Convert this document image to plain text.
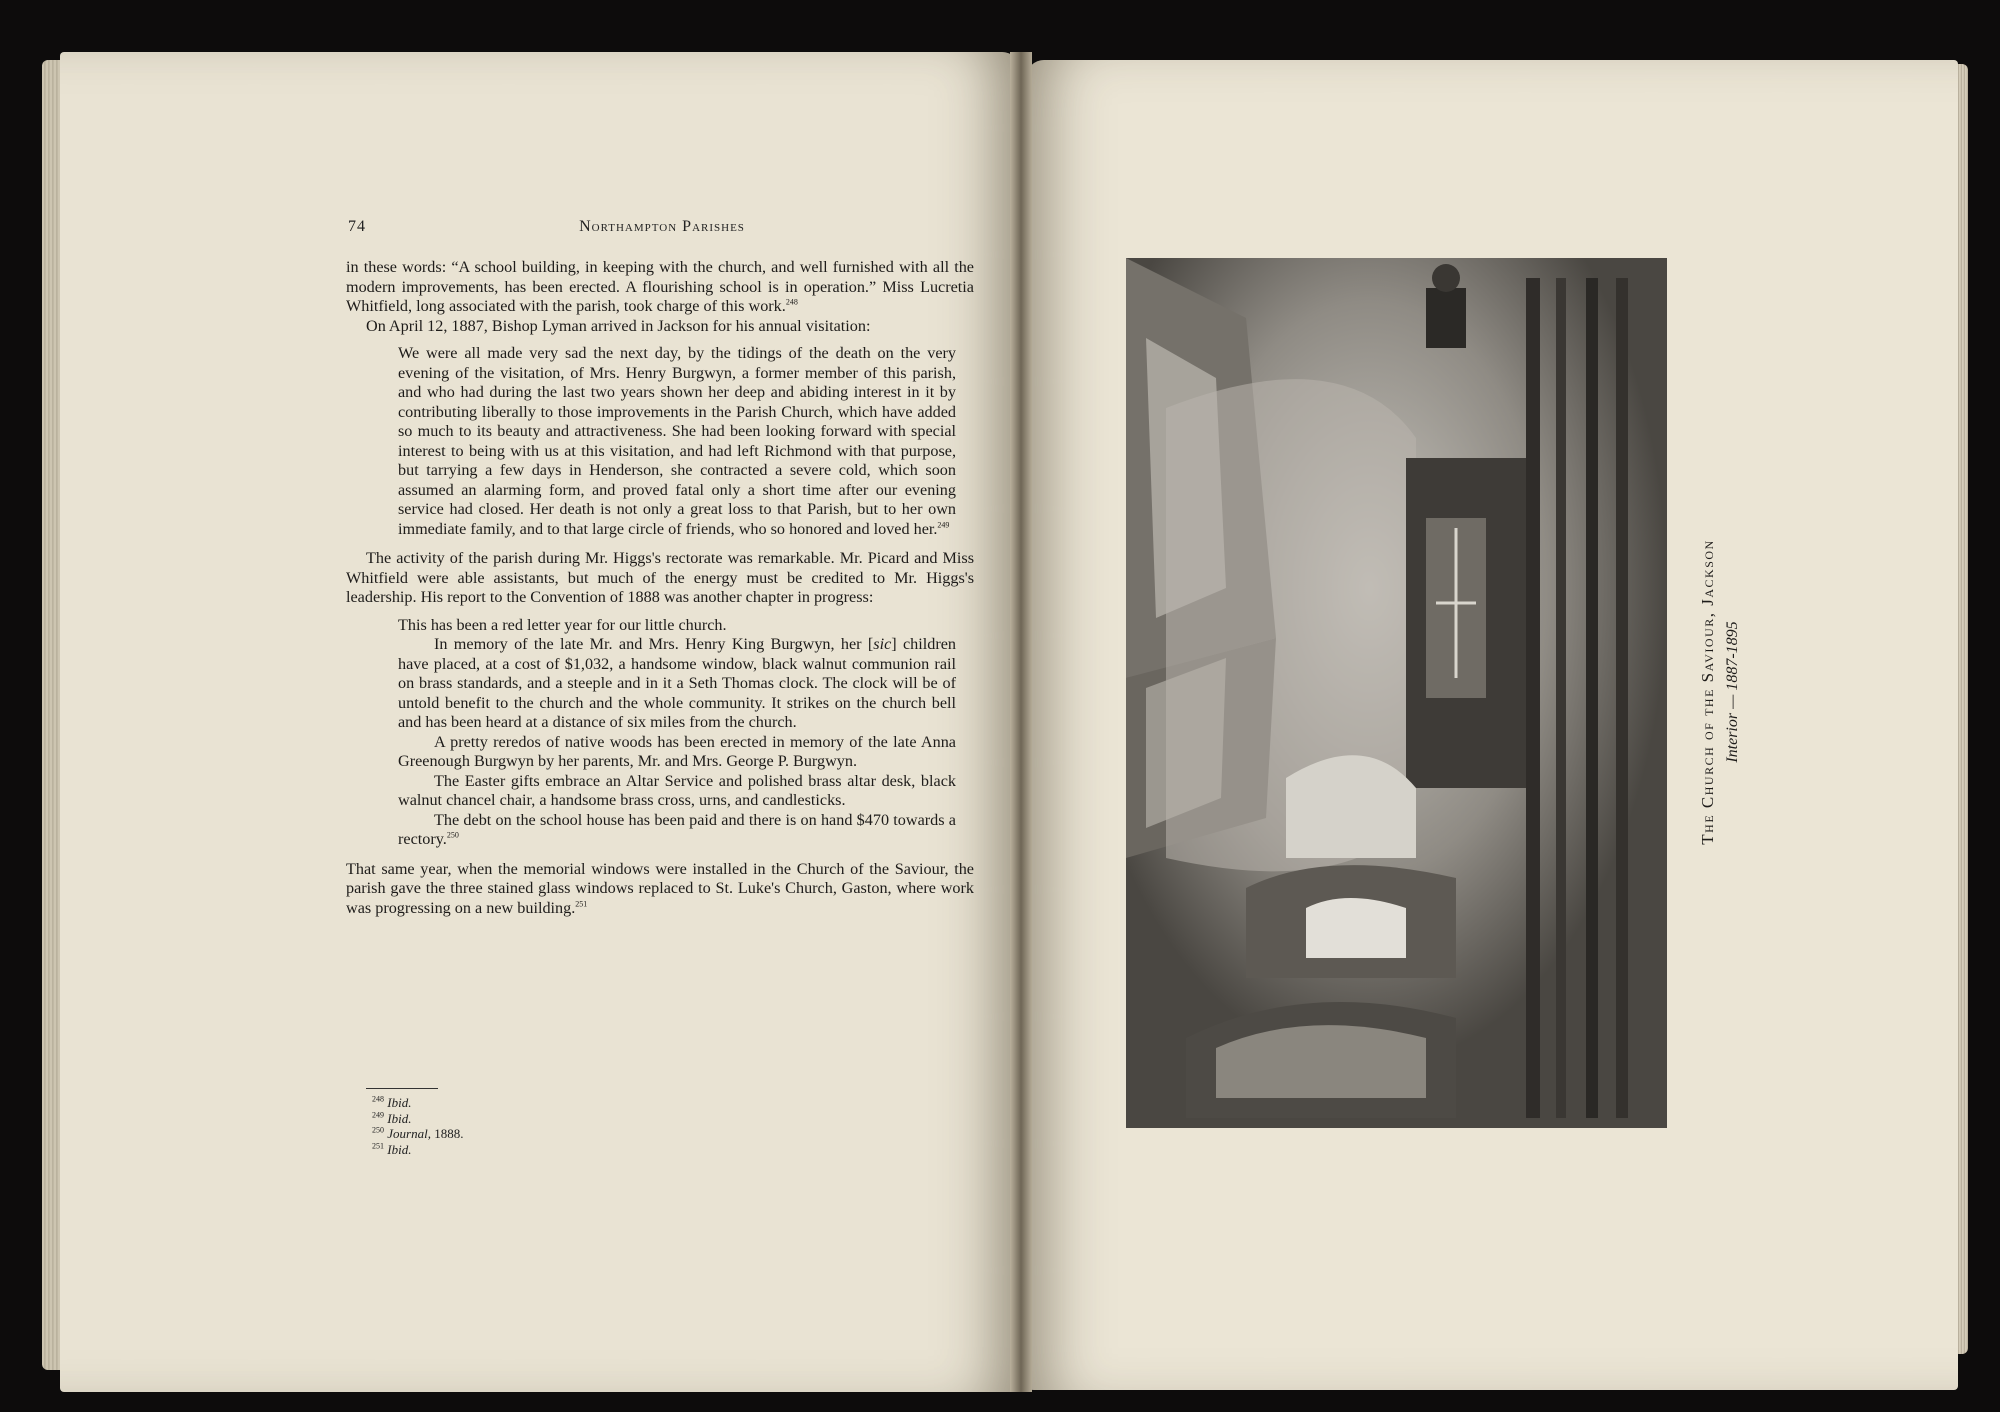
74	Northampton Parishes

in these words: “A school building, in keeping with the church, and well furnished with all the modern improvements, has been erected. A flourishing school is in operation.” Miss Lucretia Whitfield, long associated with the parish, took charge of this work.$^{248}$

On April 12, 1887, Bishop Lyman arrived in Jackson for his annual visitation:

We were all made very sad the next day, by the tidings of the death on the very evening of the visitation, of Mrs. Henry Burgwyn, a former member of this parish, and who had during the last two years shown her deep and abiding interest in it by contributing liberally to those improvements in the Parish Church, which have added so much to its beauty and attractiveness. She had been looking forward with special interest to being with us at this visitation, and had left Richmond with that purpose, but tarrying a few days in Henderson, she contracted a severe cold, which soon assumed an alarming form, and proved fatal only a short time after our evening service had closed. Her death is not only a great loss to that Parish, but to her own immediate family, and to that large circle of friends, who so honored and loved her.$^{249}$

The activity of the parish during Mr. Higgs's rectorate was remarkable. Mr. Picard and Miss Whitfield were able assistants, but much of the energy must be credited to Mr. Higgs's leadership. His report to the Convention of 1888 was another chapter in progress:

This has been a red letter year for our little church.

In memory of the late Mr. and Mrs. Henry King Burgwyn, her [sic] children have placed, at a cost of $1,032, a handsome window, black walnut communion rail on brass standards, and a steeple and in it a Seth Thomas clock. The clock will be of untold benefit to the church and the whole community. It strikes on the church bell and has been heard at a distance of six miles from the church.

A pretty reredos of native woods has been erected in memory of the late Anna Greenough Burgwyn by her parents, Mr. and Mrs. George P. Burgwyn.

The Easter gifts embrace an Altar Service and polished brass altar desk, black walnut chancel chair, a handsome brass cross, urns, and candlesticks.

The debt on the school house has been paid and there is on hand $470 towards a rectory.$^{250}$

That same year, when the memorial windows were installed in the Church of the Saviour, the parish gave the three stained glass windows replaced to St. Luke's Church, Gaston, where work was progressing on a new building.$^{251}$

$^{248}$ Ibid.
$^{249}$ Ibid.
$^{250}$ Journal, 1888.
$^{251}$ Ibid.
The Church of the Saviour, Jackson Interior — 1887-1895
